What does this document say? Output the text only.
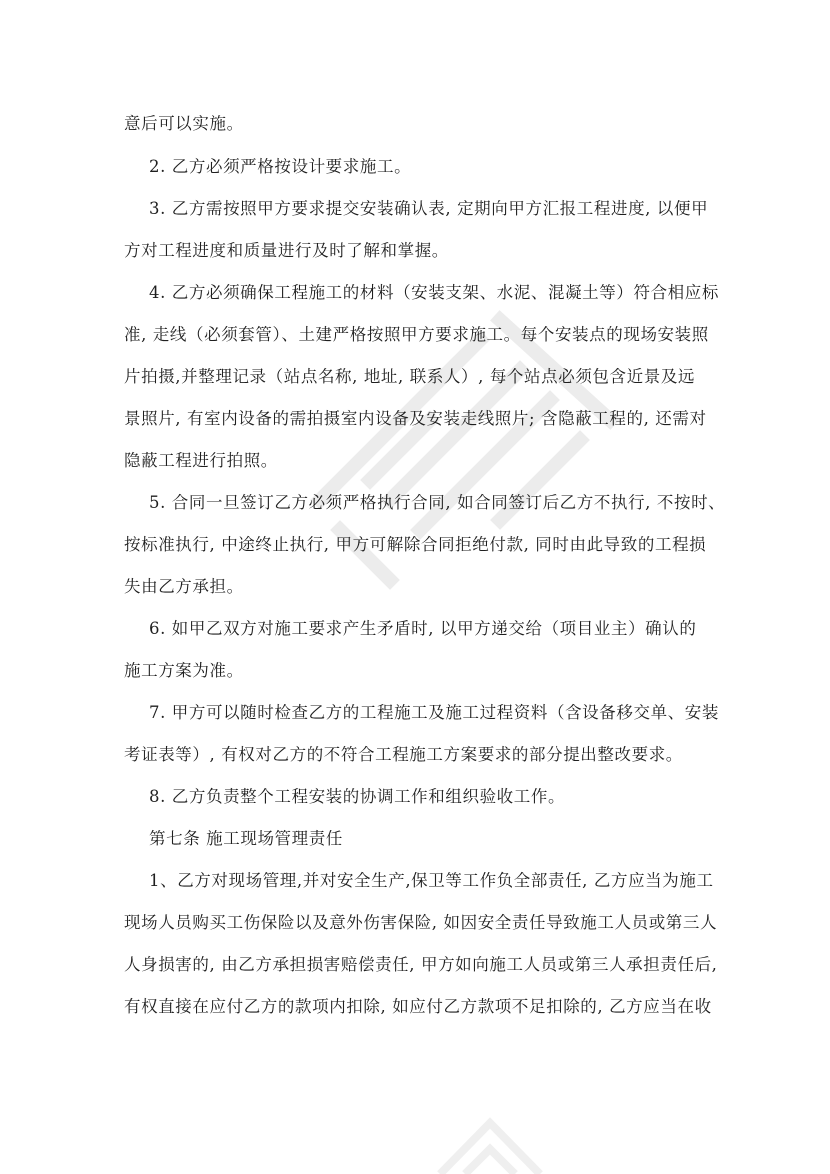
意后可以实施。
2. 乙方必须严格按设计要求施工。
3. 乙方需按照甲方要求提交安装确认表, 定期向甲方汇报工程进度, 以便甲
方对工程进度和质量进行及时了解和掌握。
4. 乙方必须确保工程施工的材料（安装支架、水泥、混凝土等）符合相应标
准, 走线（必须套管）、土建严格按照甲方要求施工。每个安装点的现场安装照
片拍摄,并整理记录（站点名称, 地址, 联系人）, 每个站点必须包含近景及远
景照片, 有室内设备的需拍摄室内设备及安装走线照片; 含隐蔽工程的, 还需对
隐蔽工程进行拍照。
5. 合同一旦签订乙方必须严格执行合同, 如合同签订后乙方不执行, 不按时、
按标准执行, 中途终止执行, 甲方可解除合同拒绝付款, 同时由此导致的工程损
失由乙方承担。
6. 如甲乙双方对施工要求产生矛盾时, 以甲方递交给（项目业主）确认的
施工方案为准。
7. 甲方可以随时检查乙方的工程施工及施工过程资料（含设备移交单、安装
考证表等）, 有权对乙方的不符合工程施工方案要求的部分提出整改要求。
8. 乙方负责整个工程安装的协调工作和组织验收工作。
第七条 施工现场管理责任
1、乙方对现场管理,并对安全生产,保卫等工作负全部责任, 乙方应当为施工
现场人员购买工伤保险以及意外伤害保险, 如因安全责任导致施工人员或第三人
人身损害的, 由乙方承担损害赔偿责任, 甲方如向施工人员或第三人承担责任后,
有权直接在应付乙方的款项内扣除, 如应付乙方款项不足扣除的, 乙方应当在收
